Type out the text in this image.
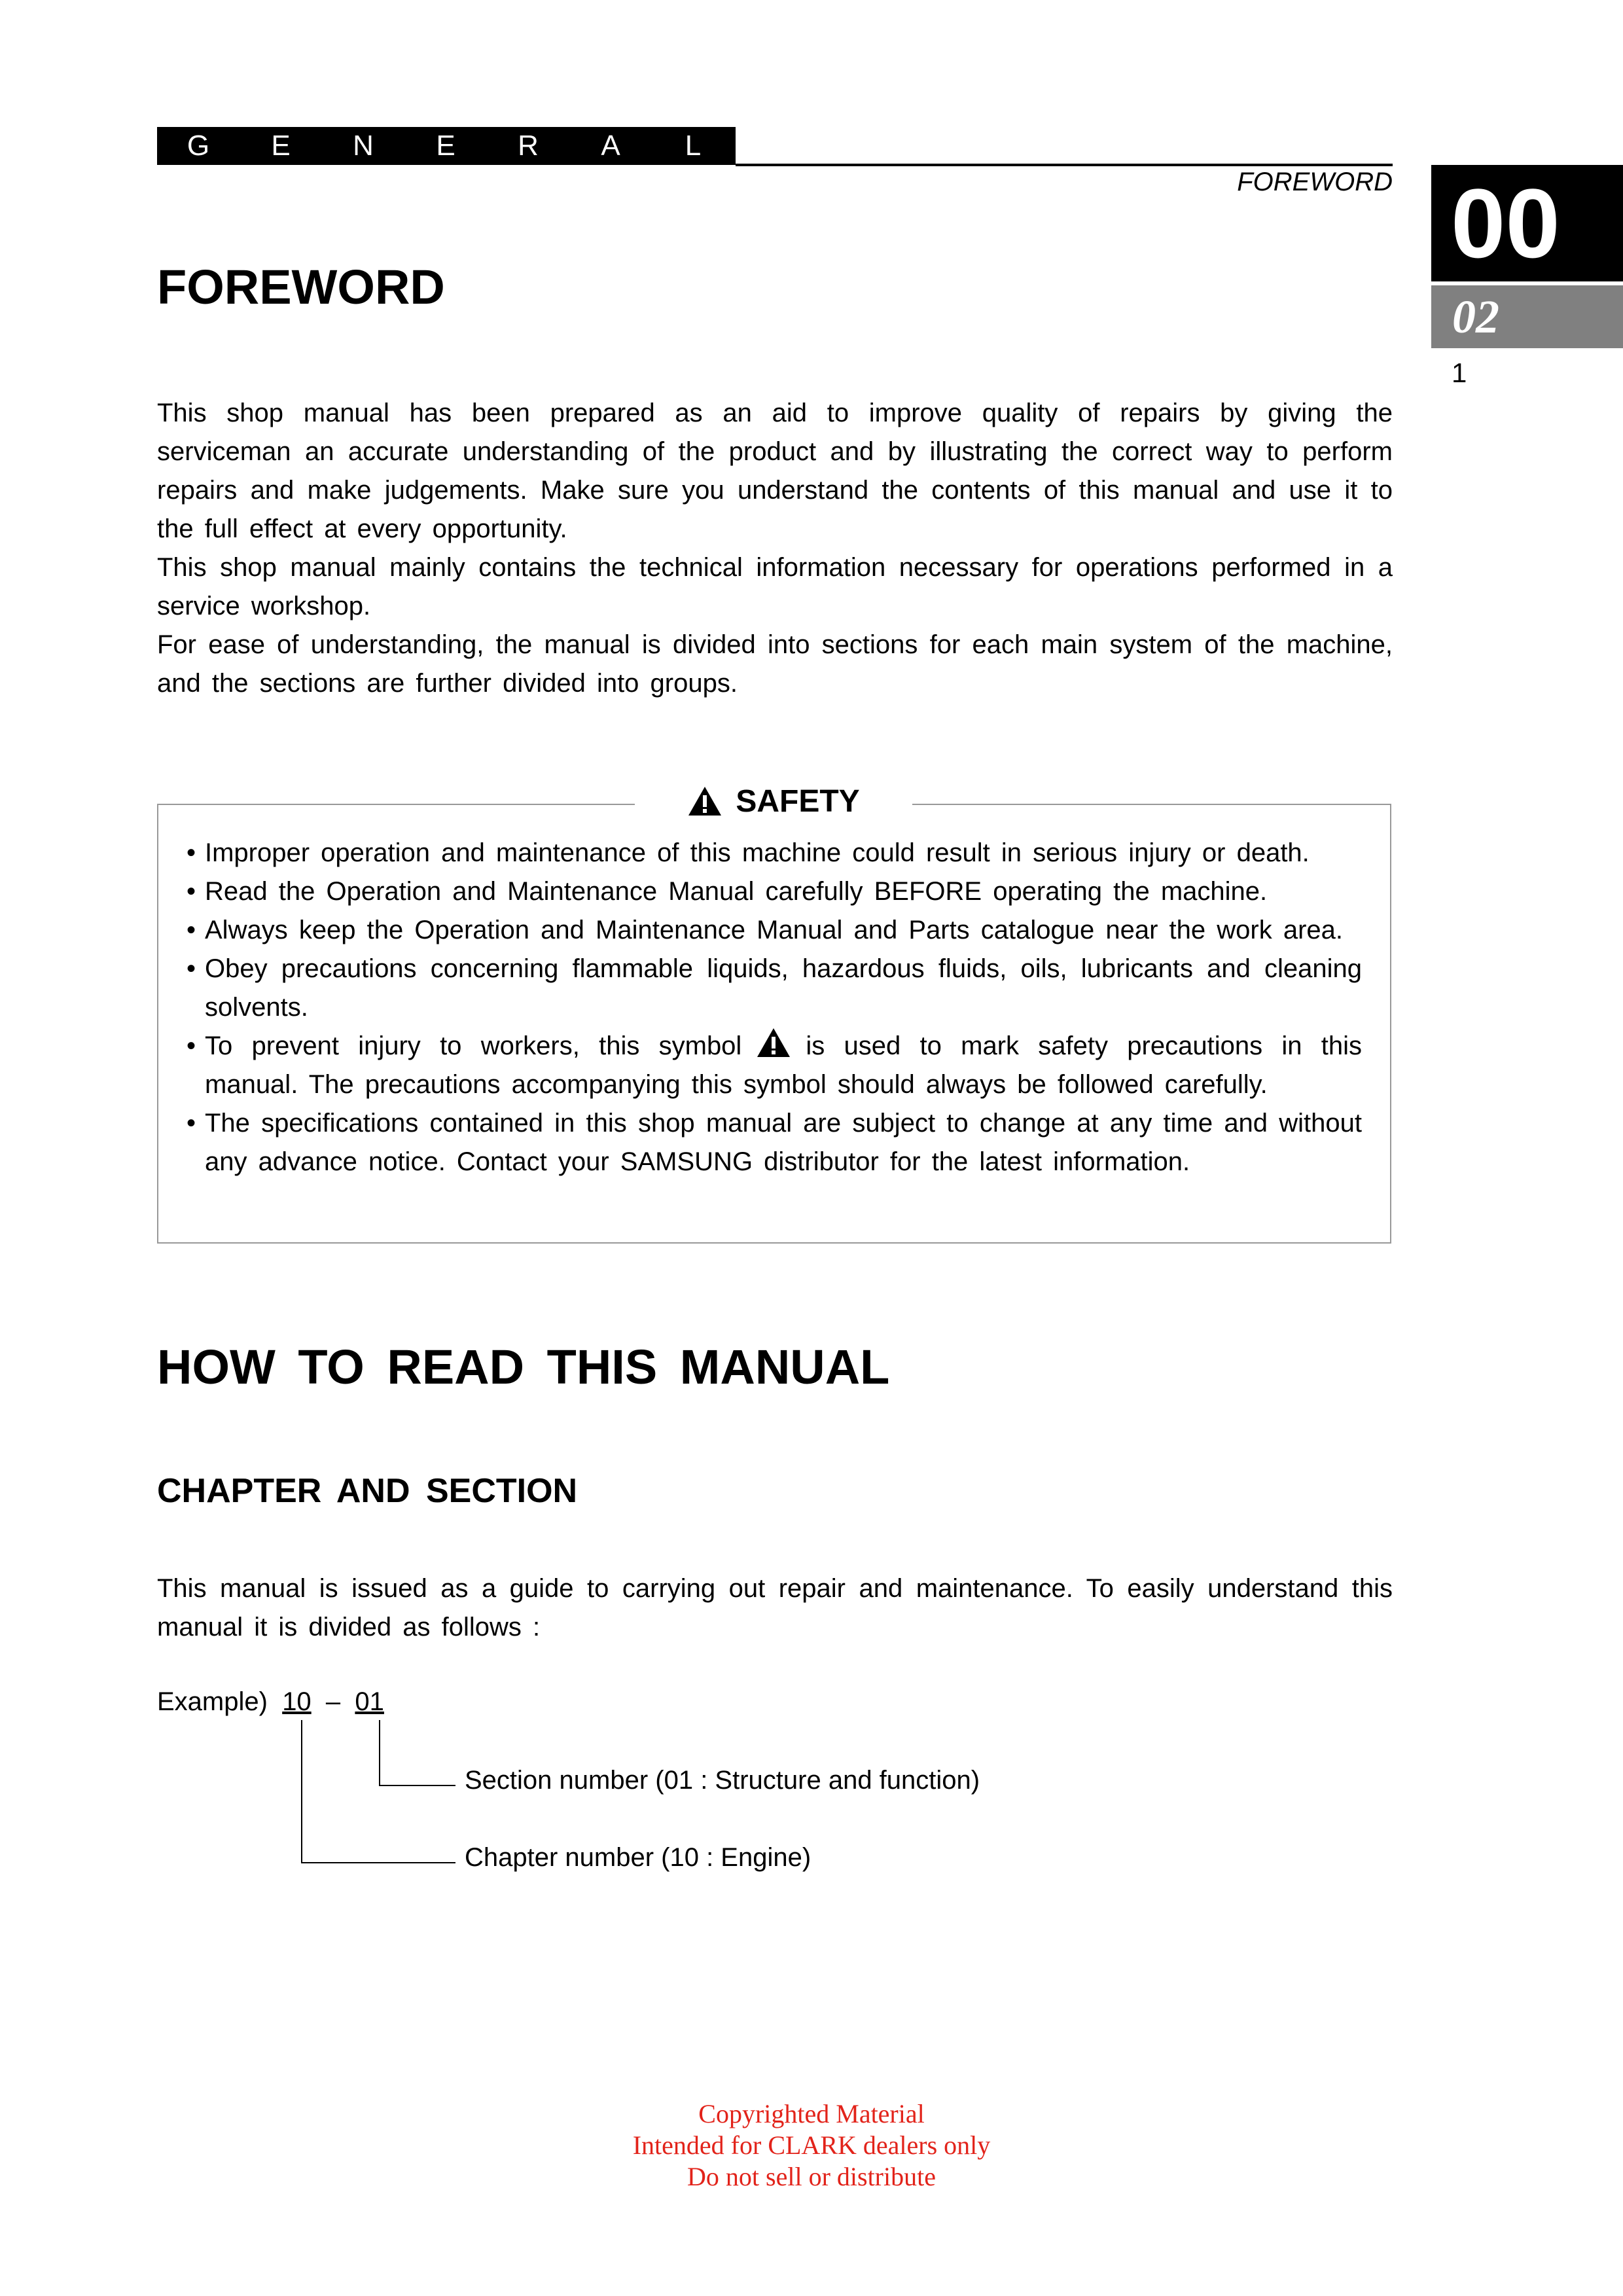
G	E	N	E	R	A	L
FOREWORD 00
02
1
FOREWORD

This shop manual has been prepared as an aid to improve quality of repairs by giving the serviceman an accurate understanding of the product and by illustrating the correct way to perform repairs and make judgements. Make sure you understand the contents of this manual and use it to the full effect at every opportunity.

This shop manual mainly contains the technical information necessary for operations performed in a service workshop.

For ease of understanding, the manual is divided into sections for each main system of the machine, and the sections are further divided into groups.

SAFETY
• Improper operation and maintenance of this machine could result in serious injury or death.
• Read the Operation and Maintenance Manual carefully BEFORE operating the machine.
• Always keep the Operation and Maintenance Manual and Parts catalogue near the work area.
• Obey precautions concerning flammable liquids, hazardous fluids, oils, lubricants and cleaning solvents.
• To prevent injury to workers, this symbol is used to mark safety precautions in this manual. The precautions accompanying this symbol should always be followed carefully.
• The specifications contained in this shop manual are subject to change at any time and without any advance notice. Contact your SAMSUNG distributor for the latest information.
HOW TO READ THIS MANUAL
CHAPTER AND SECTION

This manual is issued as a guide to carrying out repair and maintenance. To easily understand this manual it is divided as follows :

Example) 10 – 01
Section number (01 : Structure and function)
Chapter number (10 : Engine)
Copyrighted Material
Intended for CLARK dealers only
Do not sell or distribute
